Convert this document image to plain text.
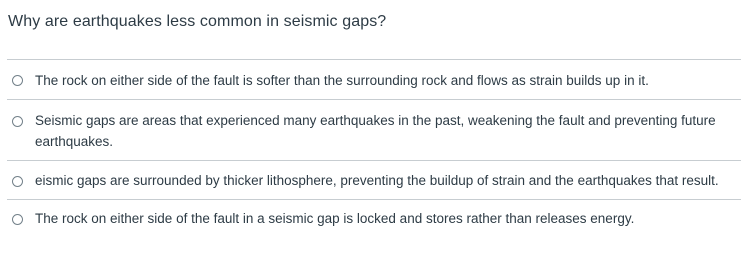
Why are earthquakes less common in seismic gaps?
The rock on either side of the fault is softer than the surrounding rock and flows as strain builds up in it.
Seismic gaps are areas that experienced many earthquakes in the past, weakening the fault and preventing future earthquakes.
eismic gaps are surrounded by thicker lithosphere, preventing the buildup of strain and the earthquakes that result.
The rock on either side of the fault in a seismic gap is locked and stores rather than releases energy.
